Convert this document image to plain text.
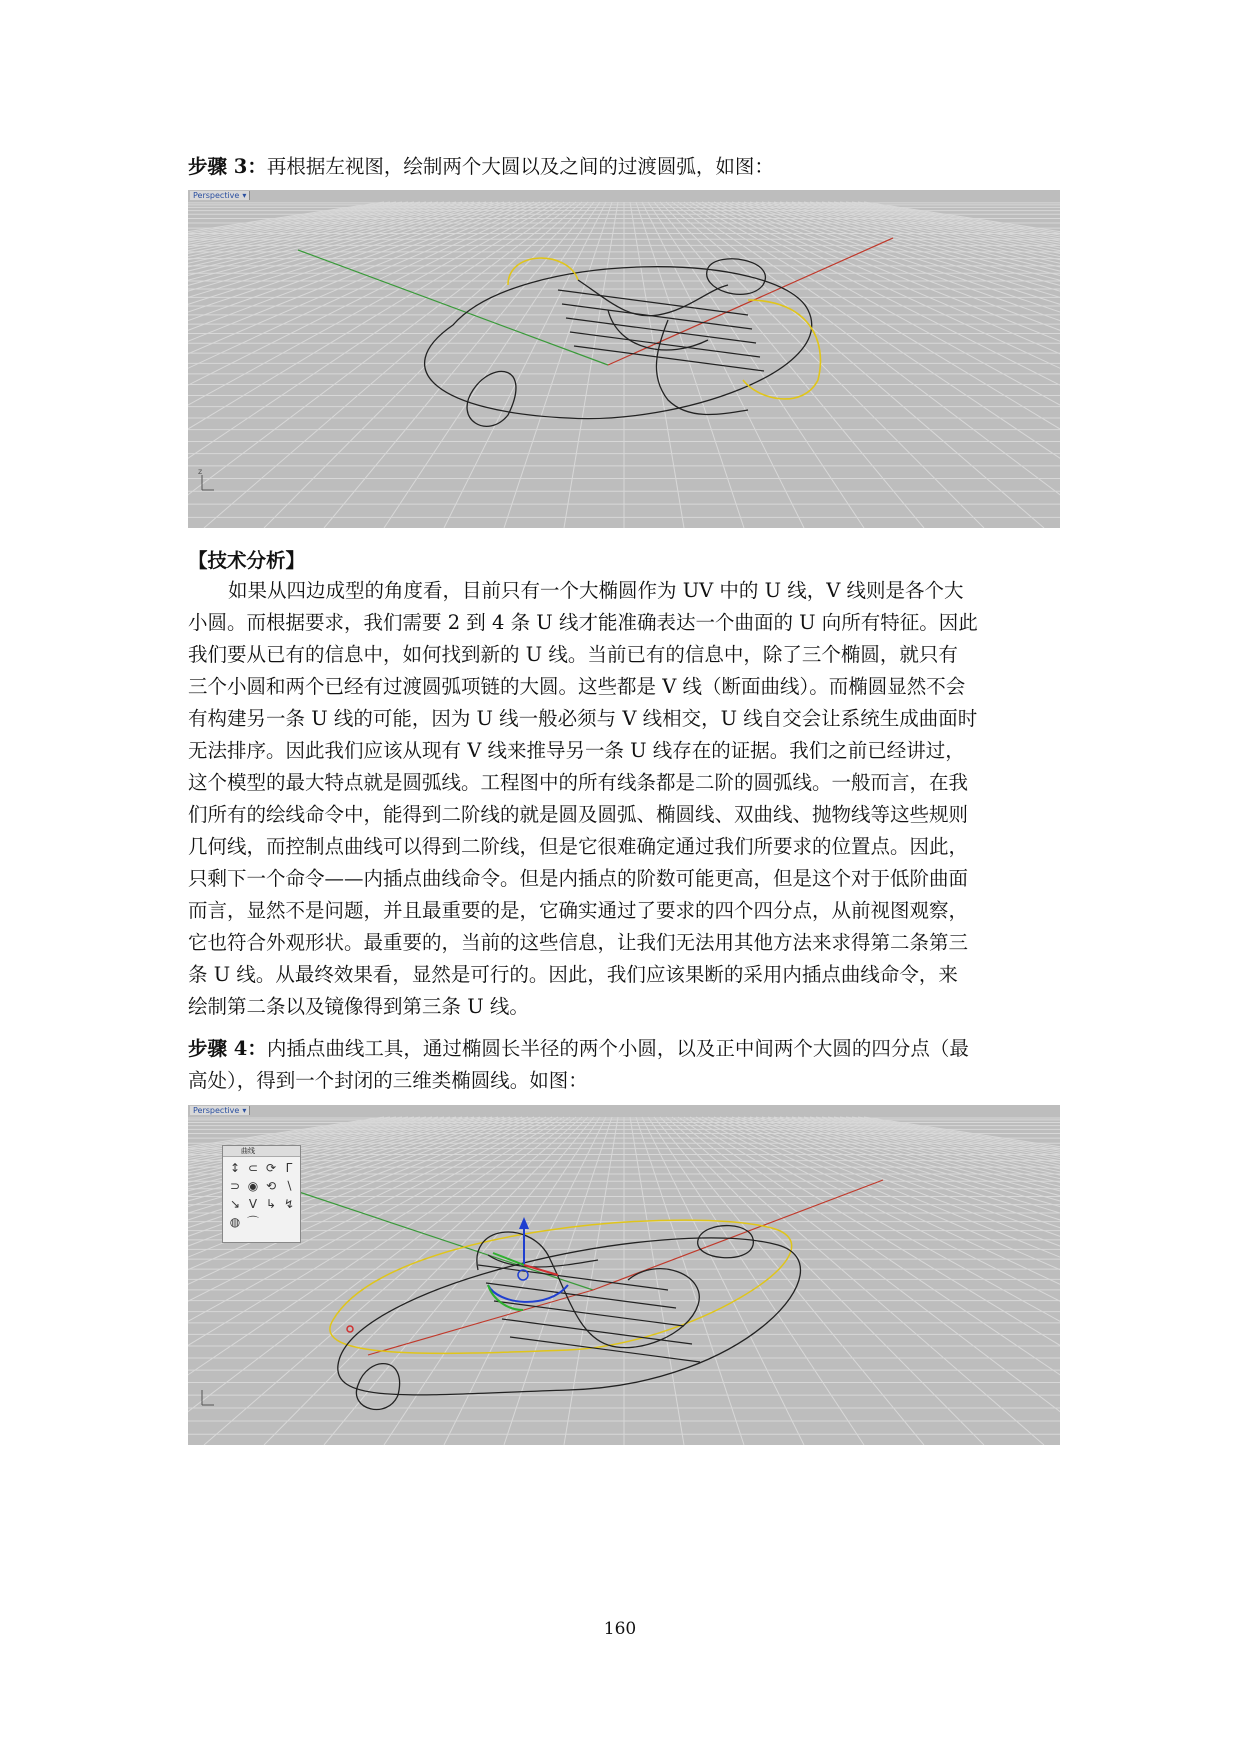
步骤 3：再根据左视图，绘制两个大圆以及之间的过渡圆弧，如图：
z
Perspective ▾
【技术分析】
如果从四边成型的角度看，目前只有一个大椭圆作为 UV 中的 U 线，V 线则是各个大
小圆。而根据要求，我们需要 2 到 4 条 U 线才能准确表达一个曲面的 U 向所有特征。因此
我们要从已有的信息中，如何找到新的 U 线。当前已有的信息中，除了三个椭圆，就只有
三个小圆和两个已经有过渡圆弧项链的大圆。这些都是 V 线（断面曲线）。而椭圆显然不会
有构建另一条 U 线的可能，因为 U 线一般必须与 V 线相交，U 线自交会让系统生成曲面时
无法排序。因此我们应该从现有 V 线来推导另一条 U 线存在的证据。我们之前已经讲过，
这个模型的最大特点就是圆弧线。工程图中的所有线条都是二阶的圆弧线。一般而言，在我
们所有的绘线命令中，能得到二阶线的就是圆及圆弧、椭圆线、双曲线、抛物线等这些规则
几何线，而控制点曲线可以得到二阶线，但是它很难确定通过我们所要求的位置点。因此，
只剩下一个命令——内插点曲线命令。但是内插点的阶数可能更高，但是这个对于低阶曲面
而言，显然不是问题，并且最重要的是，它确实通过了要求的四个四分点，从前视图观察，
它也符合外观形状。最重要的，当前的这些信息，让我们无法用其他方法来求得第二条第三
条 U 线。从最终效果看，显然是可行的。因此，我们应该果断的采用内插点曲线命令，来
绘制第二条以及镜像得到第三条 U 线。
步骤 4：内插点曲线工具，通过椭圆长半径的两个小圆，以及正中间两个大圆的四分点（最
高处），得到一个封闭的三维类椭圆线。如图：
Perspective ▾
曲线
↕ ⊂ ⟳ Γ
⊃ ◉ ⟲ ∖
↘ V ↳ ↯
◍ ⌒
160
